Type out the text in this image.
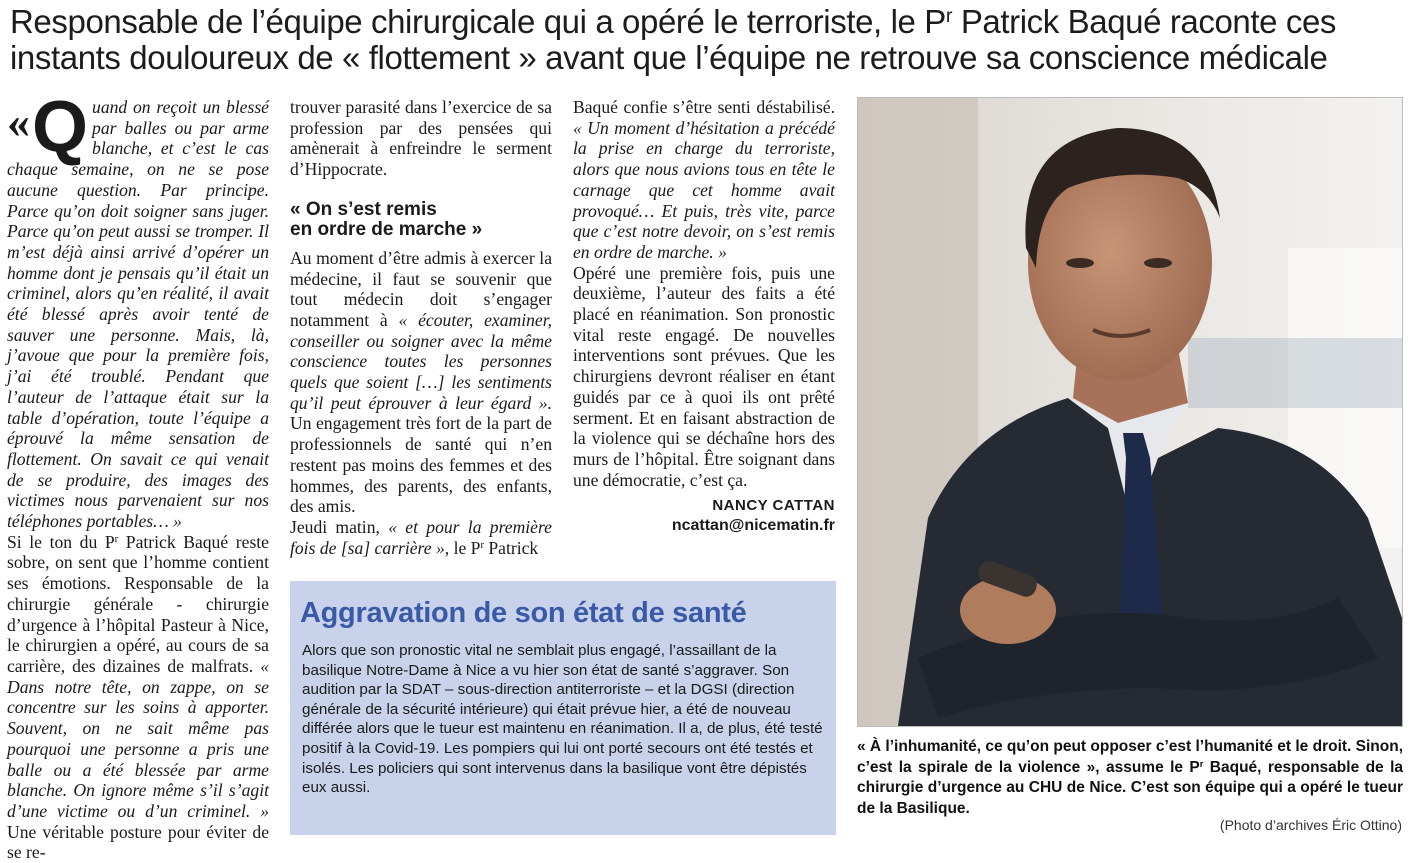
Responsable de l’équipe chirurgicale qui a opéré le terroriste, le $P^r$ Patrick Baqué raconte ces
instants douloureux de « flottement » avant que l’équipe ne retrouve sa conscience médicale

« Q uand on reçoit un blessé par balles ou par arme blanche, et c’est le cas chaque semaine, on ne se pose aucune question. Par principe. Parce qu’on doit soigner sans juger. Parce qu’on peut aussi se tromper. Il m’est déjà ainsi arrivé d’opérer un homme dont je pensais qu’il était un criminel, alors qu’en réalité, il avait été blessé après avoir tenté de sauver une personne. Mais, là, j’avoue que pour la première fois, j’ai été troublé. Pendant que l’auteur de l’attaque était sur la table d’opération, toute l’équipe a éprouvé la même sensation de flottement. On savait ce qui venait de se produire, des images des victimes nous parvenaient sur nos téléphones portables… »

Si le ton du $P^r$ Patrick Baqué reste sobre, on sent que l’homme contient ses émotions. Responsable de la chirurgie générale - chirurgie d’urgence à l’hôpital Pasteur à Nice, le chirurgien a opéré, au cours de sa carrière, des dizaines de malfrats. « Dans notre tête, on zappe, on se concentre sur les soins à apporter. Souvent, on ne sait même pas pourquoi une personne a pris une balle ou a été blessée par arme blanche. On ignore même s’il s’agit d’une victime ou d’un criminel. » Une véritable posture pour éviter de se re-

trouver parasité dans l’exercice de sa profession par des pensées qui amènerait à enfreindre le serment d’Hippocrate.

« On s’est remis
en ordre de marche »

Au moment d’être admis à exercer la médecine, il faut se souvenir que tout médecin doit s’engager notamment à « écouter, examiner, conseiller ou soigner avec la même conscience toutes les personnes quels que soient […] les sentiments qu’il peut éprouver à leur égard ». Un engagement très fort de la part de professionnels de santé qui n’en restent pas moins des femmes et des hommes, des parents, des enfants, des amis.

Jeudi matin, « et pour la première fois de [sa] carrière », le $P^r$ Patrick

Baqué confie s’être senti déstabilisé. « Un moment d’hésitation a précédé la prise en charge du terroriste, alors que nous avions tous en tête le carnage que cet homme avait provoqué… Et puis, très vite, parce que c’est notre devoir, on s’est remis en ordre de marche. »

Opéré une première fois, puis une deuxième, l’auteur des faits a été placé en réanimation. Son pronostic vital reste engagé. De nouvelles interventions sont prévues. Que les chirurgiens devront réaliser en étant guidés par ce à quoi ils ont prêté serment. Et en faisant abstraction de la violence qui se déchaîne hors des murs de l’hôpital. Être soignant dans une démocratie, c’est ça.

NANCY CATTAN

ncattan@nicematin.fr

Aggravation de son état de santé

Alors que son pronostic vital ne semblait plus engagé, l’assaillant de la basilique Notre-Dame à Nice a vu hier son état de santé s’aggraver. Son audition par la SDAT – sous-direction antiterroriste – et la DGSI (direction générale de la sécurité intérieure) qui était prévue hier, a été de nouveau différée alors que le tueur est maintenu en réanimation. Il a, de plus, été testé positif à la Covid-19. Les pompiers qui lui ont porté secours ont été testés et isolés. Les policiers qui sont intervenus dans la basilique vont être dépistés eux aussi.

« À l’inhumanité, ce qu’on peut opposer c’est l’humanité et le droit. Sinon, c’est la spirale de la violence », assume le $P^r$ Baqué, responsable de la chirurgie d’urgence au CHU de Nice. C’est son équipe qui a opéré le tueur de la Basilique.
(Photo d’archives Éric Ottino)
